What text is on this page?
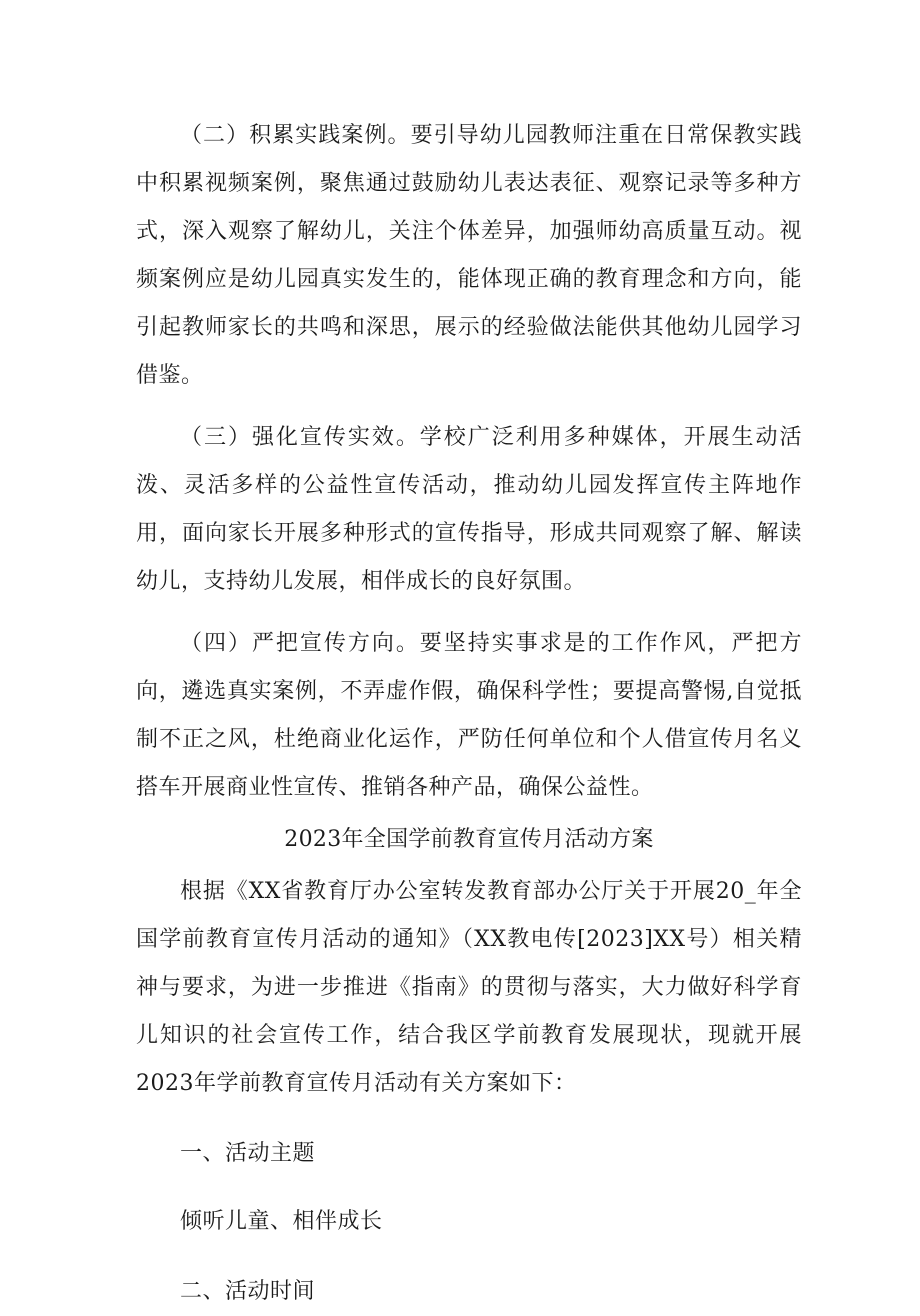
（二）积累实践案例。要引导幼儿园教师注重在日常保教实践中积累视频案例，聚焦通过鼓励幼儿表达表征、观察记录等多种方式，深入观察了解幼儿，关注个体差异，加强师幼高质量互动。视频案例应是幼儿园真实发生的，能体现正确的教育理念和方向，能引起教师家长的共鸣和深思，展示的经验做法能供其他幼儿园学习借鉴。

（三）强化宣传实效。学校广泛利用多种媒体，开展生动活泼、灵活多样的公益性宣传活动，推动幼儿园发挥宣传主阵地作用，面向家长开展多种形式的宣传指导，形成共同观察了解、解读幼儿，支持幼儿发展，相伴成长的良好氛围。

（四）严把宣传方向。要坚持实事求是的工作作风，严把方向，遴选真实案例，不弄虚作假，确保科学性；要提高警惕,自觉抵制不正之风，杜绝商业化运作，严防任何单位和个人借宣传月名义搭车开展商业性宣传、推销各种产品，确保公益性。

2023年全国学前教育宣传月活动方案

根据《XX省教育厅办公室转发教育部办公厅关于开展20_年全国学前教育宣传月活动的通知》（XX教电传[2023]XX号）相关精神与要求，为进一步推进《指南》的贯彻与落实，大力做好科学育儿知识的社会宣传工作，结合我区学前教育发展现状，现就开展2023年学前教育宣传月活动有关方案如下：

一、活动主题

倾听儿童、相伴成长

二、活动时间
